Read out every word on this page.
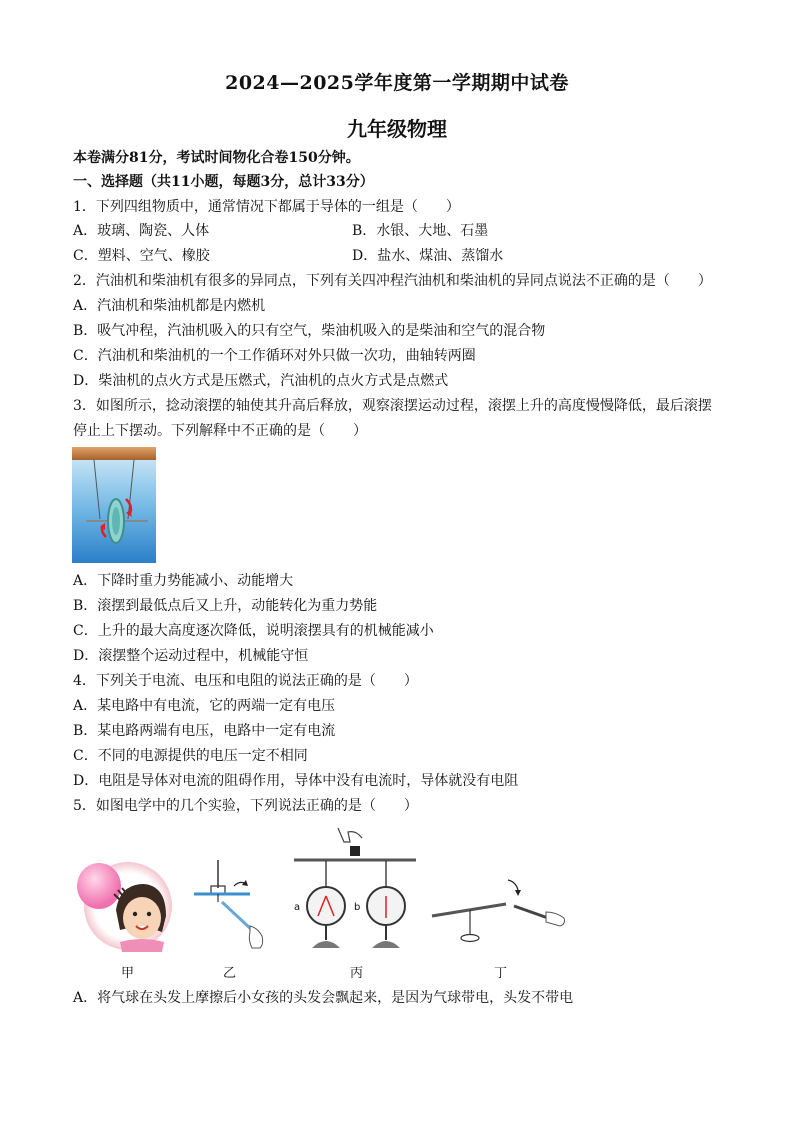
2024—2025学年度第一学期期中试卷
九年级物理
本卷满分81分，考试时间物化合卷150分钟。
一、选择题（共11小题，每题3分，总计33分）
1．下列四组物质中，通常情况下都属于导体的一组是（　　）
A．玻璃、陶瓷、人体	B．水银、大地、石墨
C．塑料、空气、橡胶	D．盐水、煤油、蒸馏水
2．汽油机和柴油机有很多的异同点，下列有关四冲程汽油机和柴油机的异同点说法不正确的是（　　）
A．汽油机和柴油机都是内燃机
B．吸气冲程，汽油机吸入的只有空气，柴油机吸入的是柴油和空气的混合物
C．汽油机和柴油机的一个工作循环对外只做一次功，曲轴转两圈
D．柴油机的点火方式是压燃式，汽油机的点火方式是点燃式
3．如图所示，捻动滚摆的轴使其升高后释放，观察滚摆运动过程，滚摆上升的高度慢慢降低，最后滚摆
停止上下摆动。下列解释中不正确的是（　　）
A．下降时重力势能减小、动能增大
B．滚摆到最低点后又上升，动能转化为重力势能
C．上升的最大高度逐次降低，说明滚摆具有的机械能减小
D．滚摆整个运动过程中，机械能守恒
4．下列关于电流、电压和电阻的说法正确的是（　　）
A．某电路中有电流，它的两端一定有电压
B．某电路两端有电压，电路中一定有电流
C．不同的电源提供的电压一定不相同
D．电阻是导体对电流的阻碍作用，导体中没有电流时，导体就没有电阻
5．如图电学中的几个实验，下列说法正确的是（　　）
a	b
甲	乙	丙	丁
A．将气球在头发上摩擦后小女孩的头发会飘起来，是因为气球带电，头发不带电
